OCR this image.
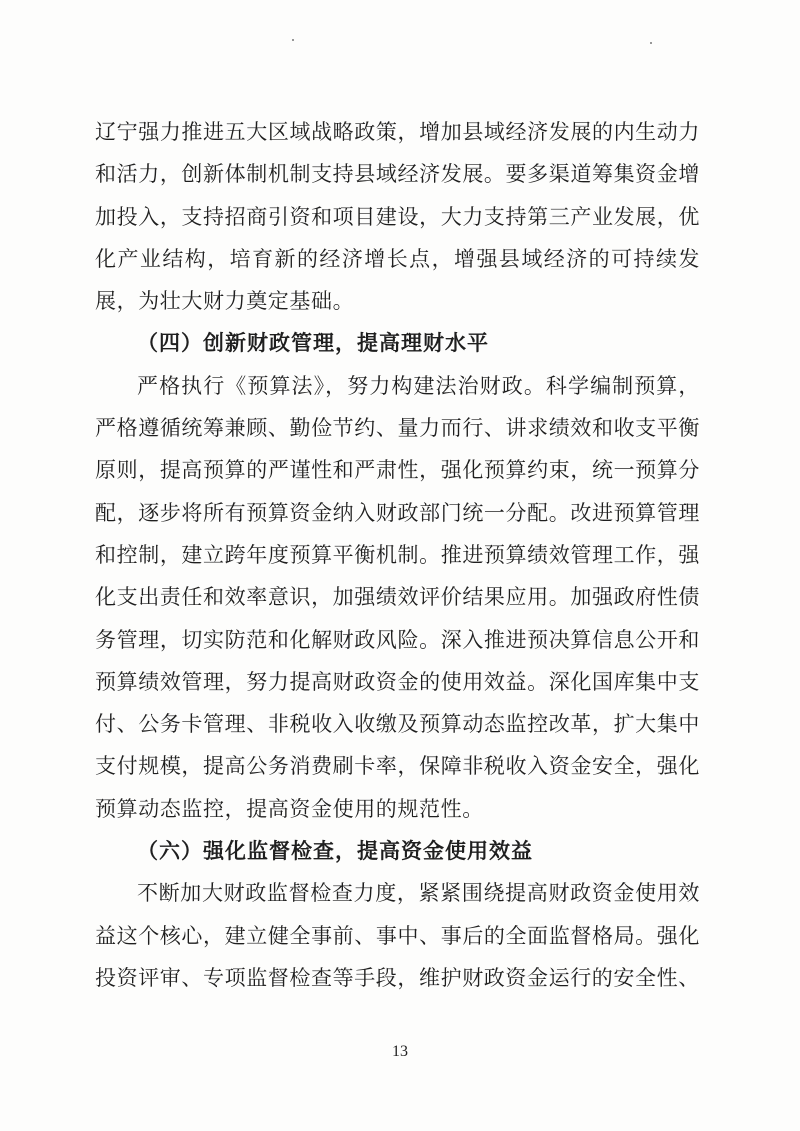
辽宁强力推进五大区域战略政策，增加县域经济发展的内生动力和活力，创新体制机制支持县域经济发展。要多渠道筹集资金增加投入，支持招商引资和项目建设，大力支持第三产业发展，优化产业结构，培育新的经济增长点，增强县域经济的可持续发展，为壮大财力奠定基础。

（四）创新财政管理，提高理财水平

严格执行《预算法》，努力构建法治财政。科学编制预算，严格遵循统筹兼顾、勤俭节约、量力而行、讲求绩效和收支平衡原则，提高预算的严谨性和严肃性，强化预算约束，统一预算分配，逐步将所有预算资金纳入财政部门统一分配。改进预算管理和控制，建立跨年度预算平衡机制。推进预算绩效管理工作，强化支出责任和效率意识，加强绩效评价结果应用。加强政府性债务管理，切实防范和化解财政风险。深入推进预决算信息公开和预算绩效管理，努力提高财政资金的使用效益。深化国库集中支付、公务卡管理、非税收入收缴及预算动态监控改革，扩大集中支付规模，提高公务消费刷卡率，保障非税收入资金安全，强化预算动态监控，提高资金使用的规范性。

（六）强化监督检查，提高资金使用效益

不断加大财政监督检查力度，紧紧围绕提高财政资金使用效益这个核心，建立健全事前、事中、事后的全面监督格局。强化投资评审、专项监督检查等手段，维护财政资金运行的安全性、

13
